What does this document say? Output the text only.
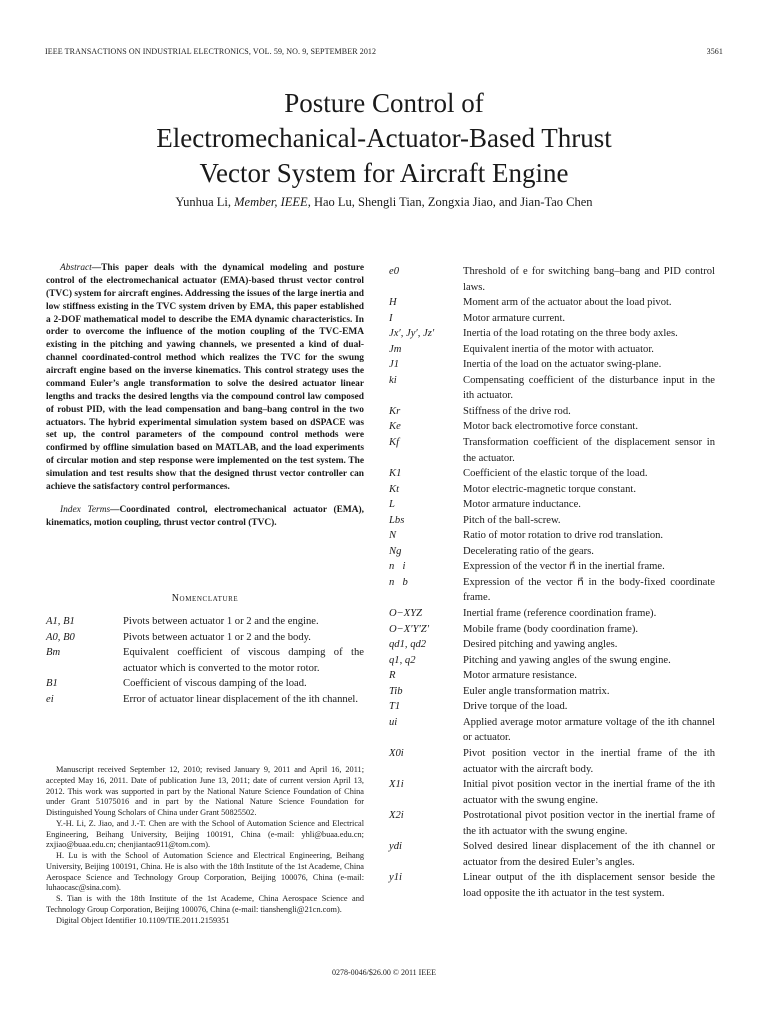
IEEE TRANSACTIONS ON INDUSTRIAL ELECTRONICS, VOL. 59, NO. 9, SEPTEMBER 2012	3561
Posture Control of
Electromechanical-Actuator-Based Thrust
Vector System for Aircraft Engine
Yunhua Li, Member, IEEE, Hao Lu, Shengli Tian, Zongxia Jiao, and Jian-Tao Chen

Abstract—This paper deals with the dynamical modeling and posture control of the electromechanical actuator (EMA)-based thrust vector control (TVC) system for aircraft engines. Addressing the issues of the large inertia and low stiffness existing in the TVC system driven by EMA, this paper established a 2-DOF mathematical model to describe the EMA dynamic characteristics. In order to overcome the influence of the motion coupling of the TVC-EMA existing in the pitching and yawing channels, we presented a kind of dual-channel coordinated-control method which realizes the TVC for the swung aircraft engine based on the inverse kinematics. This control strategy uses the command Euler’s angle transformation to solve the desired actuator linear lengths and tracks the desired lengths via the compound control law composed of robust PID, with the lead compensation and bang–bang control in the two actuators. The hybrid experimental simulation system based on dSPACE was set up, the control parameters of the compound control methods were confirmed by offline simulation based on MATLAB, and the load experiments of circular motion and step response were implemented on the test system. The simulation and test results show that the designed thrust vector controller can achieve the satisfactory control performances.

Index Terms—Coordinated control, electromechanical actuator (EMA), kinematics, motion coupling, thrust vector control (TVC).

Nomenclature
A1, B1	Pivots between actuator 1 or 2 and the engine.
A0, B0	Pivots between actuator 1 or 2 and the body.
Bm	Equivalent coefficient of viscous damping of the actuator which is converted to the motor rotor.
B1	Coefficient of viscous damping of the load.
ei	Error of actuator linear displacement of the ith channel.

Manuscript received September 12, 2010; revised January 9, 2011 and April 16, 2011; accepted May 16, 2011. Date of publication June 13, 2011; date of current version April 13, 2012. This work was supported in part by the National Nature Science Foundation of China under Grant 51075016 and in part by the National Nature Science Foundation for Distinguished Young Scholars of China under Grant 50825502.

Y.-H. Li, Z. Jiao, and J.-T. Chen are with the School of Automation Science and Electrical Engineering, Beihang University, Beijing 100191, China (e-mail: yhli@buaa.edu.cn; zxjiao@buaa.edu.cn; chenjiantao911@tom.com).

H. Lu is with the School of Automation Science and Electrical Engineering, Beihang University, Beijing 100191, China. He is also with the 18th Institute of the 1st Academe, China Aerospace Science and Technology Group Corporation, Beijing 100076, China (e-mail: luhaocasc@sina.com).

S. Tian is with the 18th Institute of the 1st Academe, China Aerospace Science and Technology Group Corporation, Beijing 100076, China (e-mail: tianshengli@21cn.com).

Digital Object Identifier 10.1109/TIE.2011.2159351

e0	Threshold of e for switching bang–bang and PID control laws.
H	Moment arm of the actuator about the load pivot.
I	Motor armature current.
Jx′, Jy′, Jz′	Inertia of the load rotating on the three body axles.
Jm	Equivalent inertia of the motor with actuator.
J1	Inertia of the load on the actuator swing-plane.
ki	Compensating coefficient of the disturbance input in the ith actuator.
Kr	Stiffness of the drive rod.
Ke	Motor back electromotive force constant.
Kf	Transformation coefficient of the displacement sensor in the actuator.
K1	Coefficient of the elastic torque of the load.
Kt	Motor electric-magnetic torque constant.
L	Motor armature inductance.
Lbs	Pitch of the ball-screw.
N	Ratio of motor rotation to drive rod translation.
Ng	Decelerating ratio of the gears.
n⃗i	Expression of the vector n⃗ in the inertial frame.
n⃗b	Expression of the vector n⃗ in the body-fixed coordinate frame.
O−XYZ	Inertial frame (reference coordination frame).
O−X′Y′Z′	Mobile frame (body coordination frame).
qd1, qd2	Desired pitching and yawing angles.
q1, q2	Pitching and yawing angles of the swung engine.
R	Motor armature resistance.
Tib	Euler angle transformation matrix.
T1	Drive torque of the load.
ui	Applied average motor armature voltage of the ith channel or actuator.
X0i	Pivot position vector in the inertial frame of the ith actuator with the aircraft body.
X1i	Initial pivot position vector in the inertial frame of the ith actuator with the swung engine.
X2i	Postrotational pivot position vector in the inertial frame of the ith actuator with the swung engine.
ydi	Solved desired linear displacement of the ith channel or actuator from the desired Euler’s angles.
y1i	Linear output of the ith displacement sensor beside the load opposite the ith actuator in the test system.
0278-0046/$26.00 © 2011 IEEE
